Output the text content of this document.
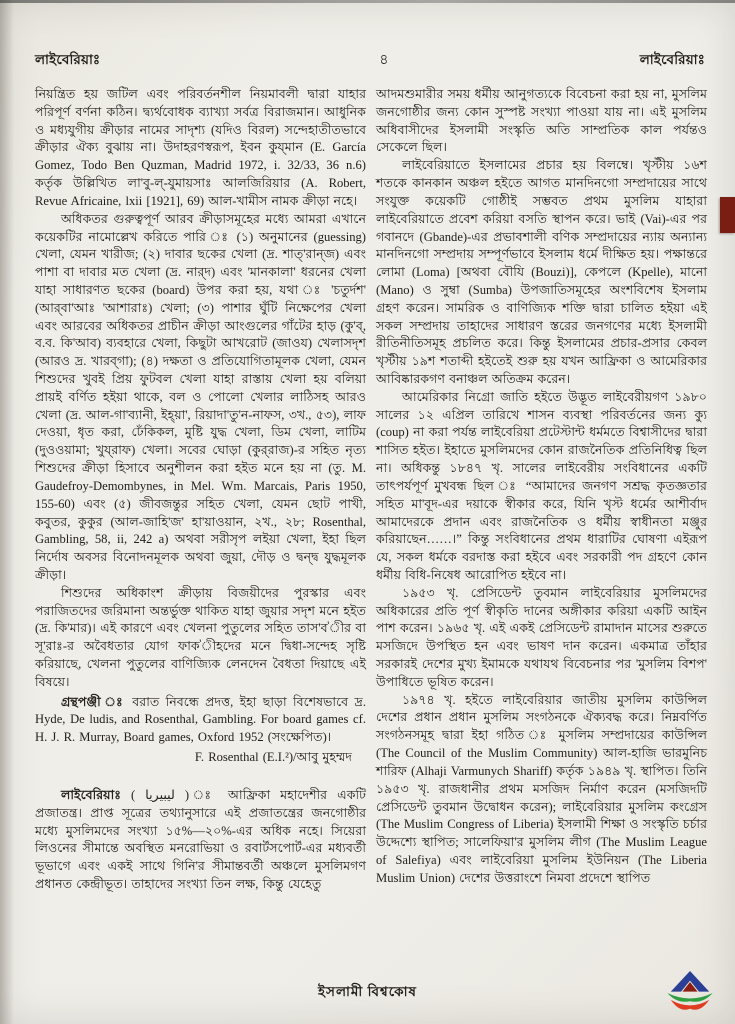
লাইবেরিয়াঃ	৪	লাইবেরিয়াঃ

নিয়ন্ত্রিত হয় জটিল এবং পরিবর্তনশীল নিয়মাবলী দ্বারা যাহার পরিপূর্ণ বর্ণনা কঠিন। দ্ব্যর্থবোধক ব্যাখ্যা সর্বত্র বিরাজমান। আধুনিক ও মধ্যযুগীয় ক্রীড়ার নামের সাদৃশ্য (যদিও বিরল) সন্দেহাতীতভাবে ক্রীড়ার ঐক্য বুঝায় না। উদাহরণস্বরূপ, ইবন কুয্‌মান (E. García Gomez, Todo Ben Quzman, Madrid 1972, i. 32/33, 36 n.6) কর্তৃক উল্লিখিত লা'বু-ল্‌-যুমায়সাঃ আলজিরিয়ার (A. Robert, Revue Africaine, lxii [1921], 69) আল-খামীস নামক ক্রীড়া নহে।

অধিকতর গুরুত্বপূর্ণ আরব ক্রীড়াসমূহের মধ্যে আমরা এখানে কয়েকটির নামোল্লেখ করিতে পারি ঃ (১) অনুমানের (guessing) খেলা, যেমন খারীজ; (২) দাবার ছকের খেলা (দ্র. শাত্‌'রান্‌জ) এবং পাশা বা দাবার মত খেলা (দ্র. নার্‌দ) এবং 'মানকালা' ধরনের খেলা যাহা সাধারণত ছকের (board) উপর করা হয়, যথা ঃ 'চতুর্দশ' (আর্‌বা'আঃ 'আশারাঃ) খেলা; (৩) পাশার ঘুঁটি নিক্ষেপের খেলা এবং আরবের অধিকতর প্রাচীন ক্রীড়া আংগুলের গাঁটের হাড় (কু'ব্‌, ব.ব. কি'আব) ব্যবহারে খেলা, কিছুটা আখরোট (জাওয) খেলাসদৃশ (আরও দ্র. খারব্‌গা); (৪) দক্ষতা ও প্রতিযোগিতামূলক খেলা, যেমন শিশুদের খুবই প্রিয় ফুটবল খেলা যাহা রাস্তায় খেলা হয় বলিয়া প্রায়ই বর্ণিত হইয়া থাকে, বল ও পোলো খেলার লাঠিসহ আরও খেলা (দ্র. আল-গা'ব্যানী, ইহ্‌য়া', রিয়াদা'তু'ন-নাফস, ৩খ., ৫৩), লাফ দেওয়া, ধৃত করা, ঢেঁকিকল, মুষ্টি যুদ্ধ খেলা, ডিম খেলা, লাটিম (দুওওয়ামা; খুয্‌রাফ) খেলা। সবের ঘোড়া (কুর্‌রাজ)-র সহিত নৃত্য শিশুদের ক্রীড়া হিসাবে অনুশীলন করা হইত মনে হয় না (তু. M. Gaudefroy-Demombynes, in Mel. Wm. Marcais, Paris 1950, 155-60) এবং (৫) জীবজন্তুর সহিত খেলা, যেমন ছোট পাখী, কবুতর, কুকুর (আল-জাহি'জ' হা'য়াওয়ান, ২খ., ২৮; Rosenthal, Gambling, 58, ii, 242 a) অথবা সরীসৃপ লইয়া খেলা, ইহা ছিল নির্দোষ অবসর বিনোদনমূলক অথবা জুয়া, দৌড় ও দ্বন্দ্ব যুদ্ধমূলক ক্রীড়া।

শিশুদের অধিকাংশ ক্রীড়ায় বিজয়ীদের পুরস্কার এবং পরাজিতদের জরিমানা অন্তর্ভুক্ত থাকিত যাহা জুয়ার সদৃশ মনে হইত (দ্র. কি'মার)। এই কারণে এবং খেলনা পুতুলের সহিত তাস'ব'ীর বা সূ'রাঃ-র অবৈধতার যোগ ফাক'ীহদের মনে দ্বিধা-সন্দেহ সৃষ্টি করিয়াছে, খেলনা পুতুলের বাণিজ্যিক লেনদেন বৈধতা দিয়াছে এই বিষয়ে।

গ্রন্থপঞ্জী ঃ বরাত নিবন্ধে প্রদত্ত, ইহা ছাড়া বিশেষভাবে দ্র. Hyde, De ludis, and Rosenthal, Gambling. For board games cf. H. J. R. Murray, Board games, Oxford 1952 (সংক্ষেপিত)।

F. Rosenthal (E.I.²)/আবু মুহম্মদ

লাইবেরিয়াঃ ( ليبيريا ) ঃ আফ্রিকা মহাদেশীর একটি প্রজাতন্ত্র। প্রাপ্ত সূত্রের তথ্যানুসারে এই প্রজাতন্ত্রের জনগোষ্ঠীর মধ্যে মুসলিমদের সংখ্যা ১৫%—২০%-এর অধিক নহে। সিয়েরা লিওনের সীমান্তে অবস্থিত মনরোভিয়া ও রবার্টসপোর্ট-এর মধ্যবর্তী ভূভাগে এবং একই সাথে গিনি'র সীমান্তবর্তী অঞ্চলে মুসলিমগণ প্রধানত কেন্দ্রীভূত। তাহাদের সংখ্যা তিন লক্ষ, কিন্তু যেহেতু

আদমশুমারীর সময় ধর্মীয় আনুগত্যকে বিবেচনা করা হয় না, মুসলিম জনগোষ্ঠীর জন্য কোন সুস্পষ্ট সংখ্যা পাওয়া যায় না। এই মুসলিম অধিবাসীদের ইসলামী সংস্কৃতি অতি সাম্প্রতিক কাল পর্যন্তও সেকেলে ছিল।

লাইবেরিয়াতে ইসলামের প্রচার হয় বিলম্বে। খৃস্টীয় ১৬শ শতকে কানকান অঞ্চল হইতে আগত মানদিনগো সম্প্রদায়ের সাথে সংযুক্ত কয়েকটি গোষ্ঠীই সম্ভবত প্রথম মুসলিম যাহারা লাইবেরিয়াতে প্রবেশ করিয়া বসতি স্থাপন করে। ভাই (Vai)-এর পর গবানদে (Gbande)-এর প্রভাবশালী বণিক সম্প্রদায়ের ন্যায় অন্যান্য মানদিনগো সম্প্রদায় সম্পূর্ণভাবে ইসলাম ধর্মে দীক্ষিত হয়। পক্ষান্তরে লোমা (Loma) [অথবা বৌযি (Bouzi)], কেপলে (Kpelle), মানো (Mano) ও সুম্বা (Sumba) উপজাতিসমূহের অংশবিশেষ ইসলাম গ্রহণ করেন। সামরিক ও বাণিজ্যিক শক্তি দ্বারা চালিত হইয়া এই সকল সম্প্রদায় তাহাদের সাধারণ স্তরের জনগণের মধ্যে ইসলামী রীতিনীতিসমূহ প্রচলিত করে। কিন্তু ইসলামের প্রচার-প্রসার কেবল খৃস্টীয় ১৯শ শতাব্দী হইতেই শুরু হয় যখন আফ্রিকা ও আমেরিকার আবিষ্কারকগণ বনাঞ্চল অতিক্রম করেন।

আমেরিকার নিগ্রো জাতি হইতে উদ্ভূত লাইবেরীয়গণ ১৯৮০ সালের ১২ এপ্রিল তারিখে শাসন ব্যবস্থা পরিবর্তনের জন্য ক্যু (coup) না করা পর্যন্ত লাইবেরিয়া প্রটেস্টান্ট ধর্মমতে বিশ্বাসীদের দ্বারা শাসিত হইত। ইহাতে মুসলিমদের কোন রাজনৈতিক প্রতিনিধিত্ব ছিল না। অধিকন্তু ১৮৪৭ খৃ. সালের লাইবেরীয় সংবিধানের একটি তাৎপর্যপূর্ণ মুখবন্ধ ছিল ঃ “আমাদের জনগণ সশ্রদ্ধ কৃতজ্ঞতার সহিত মা'বূদ-এর দয়াকে স্বীকার করে, যিনি খৃস্ট ধর্মের আশীর্বাদ আমাদেরকে প্রদান এবং রাজনৈতিক ও ধর্মীয় স্বাধীনতা মঞ্জুর করিয়াছেন……।” কিন্তু সংবিধানের প্রথম ধারাটির ঘোষণা এইরূপ যে, সকল ধর্মকে বরদাস্ত করা হইবে এবং সরকারী পদ গ্রহণে কোন ধর্মীয় বিধি-নিষেধ আরোপিত হইবে না।

১৯৫৩ খৃ. প্রেসিডেন্ট তুবমান লাইবেরিয়ার মুসলিমদের অধিকারের প্রতি পূর্ণ স্বীকৃতি দানের অঙ্গীকার করিয়া একটি আইন পাশ করেন। ১৯৬৫ খৃ. এই একই প্রেসিডেন্ট রামাদান মাসের শুরুতে মসজিদে উপস্থিত হন এবং ভাষণ দান করেন। একমাত্র তাঁহার সরকারই দেশের মুখ্য ইমামকে যথাযথ বিবেচনার পর 'মুসলিম বিশপ' উপাধিতে ভূষিত করেন।

১৯৭৪ খৃ. হইতে লাইবেরিয়ার জাতীয় মুসলিম কাউন্সিল দেশের প্রধান প্রধান মুসলিম সংগঠনকে ঐক্যবদ্ধ করে। নিম্নবর্ণিত সংগঠনসমূহ দ্বারা ইহা গঠিত ঃ মুসলিম সম্প্রদায়ের কাউন্সিল (The Council of the Muslim Community) আল-হাজি ভারমুনিচ শারিফ (Alhaji Varmunych Shariff) কর্তৃক ১৯৪৯ খৃ. স্থাপিত। তিনি ১৯৫৩ খৃ. রাজধানীর প্রথম মসজিদ নির্মাণ করেন (মসজিদটি প্রেসিডেন্ট তুবমান উদ্বোধন করেন); লাইবেরিয়ার মুসলিম কংগ্রেস (The Muslim Congress of Liberia) ইসলামী শিক্ষা ও সংস্কৃতি চর্চার উদ্দেশ্যে স্থাপিত; সালেফিয়া'র মুসলিম লীগ (The Muslim League of Salefiya) এবং লাইবেরিয়া মুসলিম ইউনিয়ন (The Liberia Muslim Union) দেশের উত্তরাংশে নিমবা প্রদেশে স্থাপিত

ইসলামী বিশ্বকোষ
